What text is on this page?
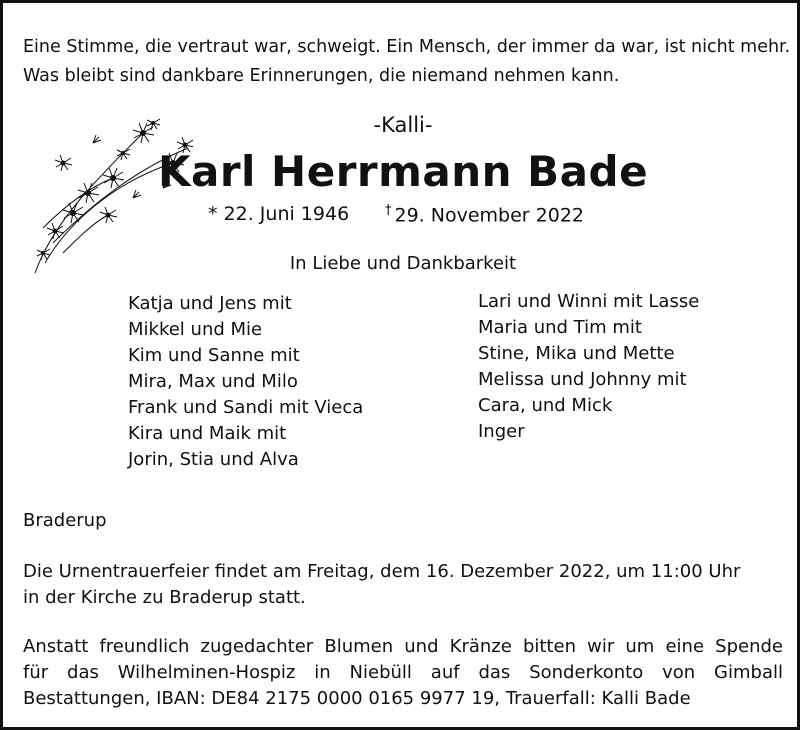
Eine Stimme, die vertraut war, schweigt. Ein Mensch, der immer da war, ist nicht mehr.
Was bleibt sind dankbare Erinnerungen, die niemand nehmen kann.
-Kalli-
Karl Herrmann Bade
* 22. Juni 1946	† 29. November 2022
In Liebe und Dankbarkeit
Katja und Jens mit
Mikkel und Mie
Kim und Sanne mit
Mira, Max und Milo
Frank und Sandi mit Vieca
Kira und Maik mit
Jorin, Stia und Alva
Lari und Winni mit Lasse
Maria und Tim mit
Stine, Mika und Mette
Melissa und Johnny mit
Cara, und Mick
Inger
Braderup
Die Urnentrauerfeier findet am Freitag, dem 16. Dezember 2022, um 11:00 Uhr
in der Kirche zu Braderup statt.
Anstatt freundlich zugedachter Blumen und Kränze bitten wir um eine Spende
für das Wilhelminen-Hospiz in Niebüll auf das Sonderkonto von Gimball
Bestattungen, IBAN: DE84 2175 0000 0165 9977 19, Trauerfall: Kalli Bade
